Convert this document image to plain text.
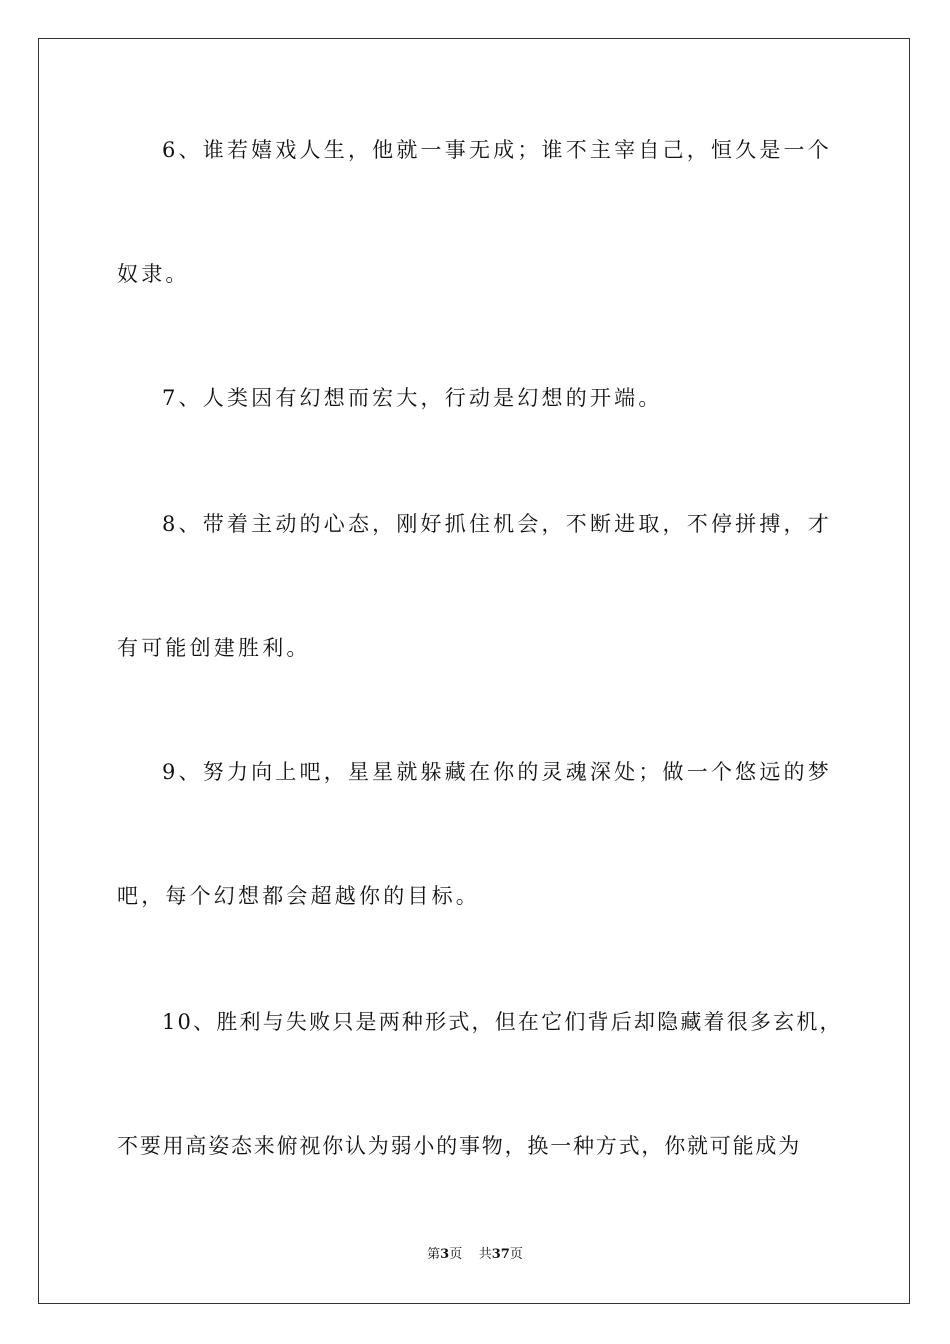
6、谁若嬉戏人生，他就一事无成；谁不主宰自己，恒久是一个
奴隶。
7、人类因有幻想而宏大，行动是幻想的开端。
8、带着主动的心态，刚好抓住机会，不断进取，不停拼搏，才
有可能创建胜利。
9、努力向上吧，星星就躲藏在你的灵魂深处；做一个悠远的梦
吧，每个幻想都会超越你的目标。
10、胜利与失败只是两种形式，但在它们背后却隐藏着很多玄机，
不要用高姿态来俯视你认为弱小的事物，换一种方式，你就可能成为
第3页 共37页
